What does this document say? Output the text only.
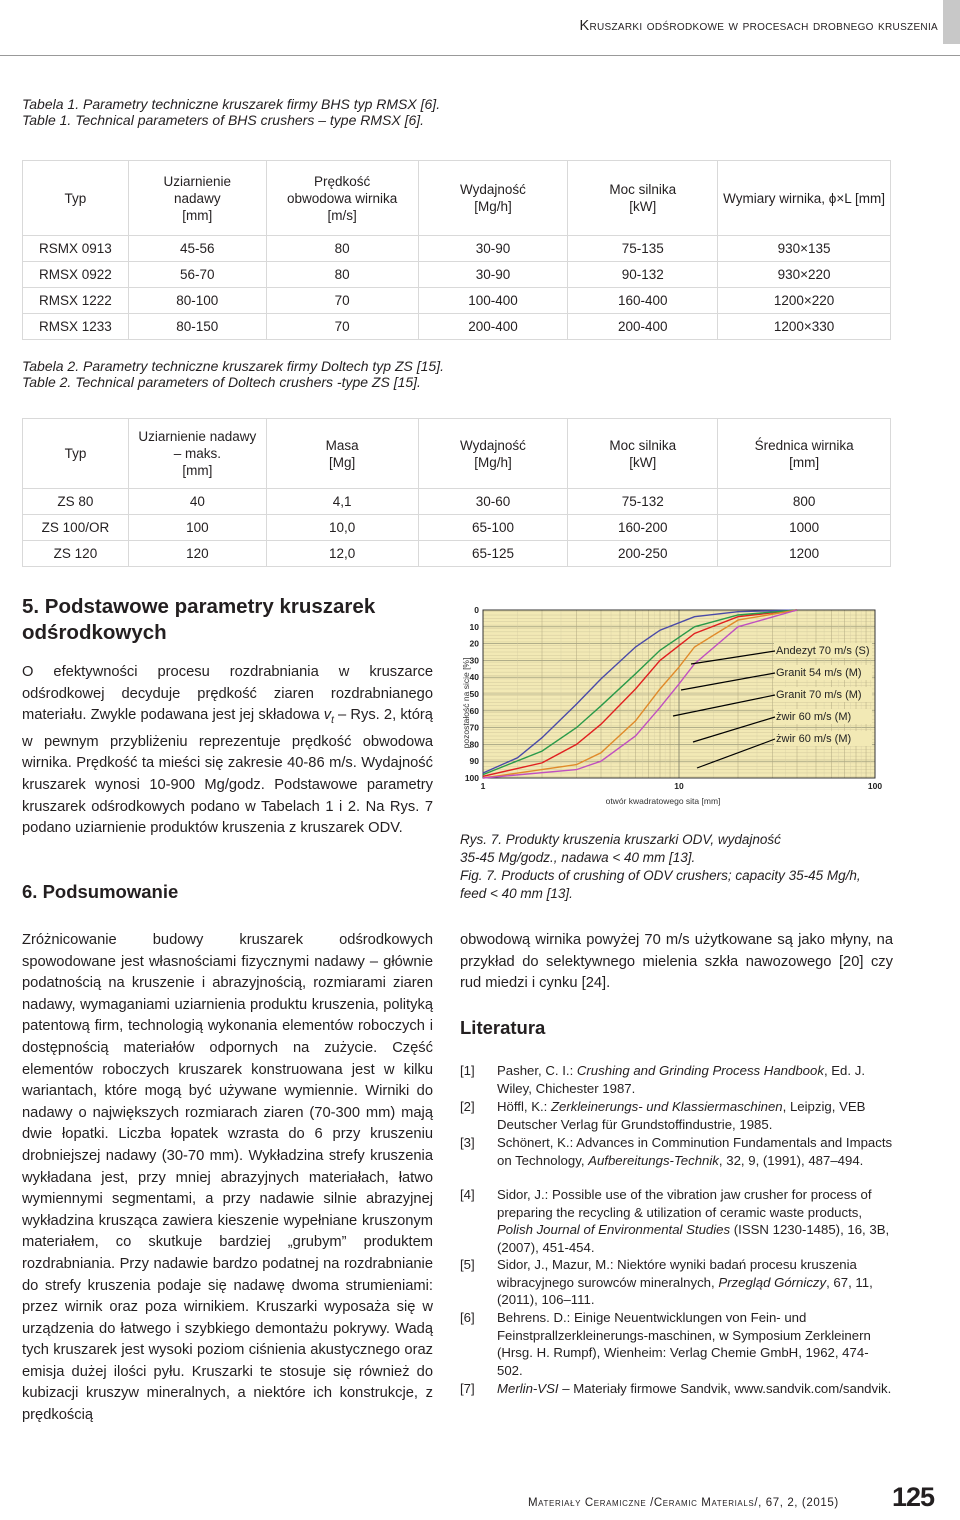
Kruszarki odśrodkowe w procesach drobnego kruszenia
Tabela 1. Parametry techniczne kruszarek firmy BHS typ RMSX [6].
Table 1. Technical parameters of BHS crushers – type RMSX [6].
Typ	Uziarnienie
nadawy
[mm]	Prędkość
obwodowa wirnika
[m/s]	Wydajność
[Mg/h]	Moc silnika
[kW]	Wymiary wirnika, ϕ×L [mm]

RSMX 0913	45-56	80	30-90	75-135	930×135
RMSX 0922	56-70	80	30-90	90-132	930×220
RMSX 1222	80-100	70	100-400	160-400	1200×220
RMSX 1233	80-150	70	200-400	200-400	1200×330
Tabela 2. Parametry techniczne kruszarek firmy Doltech typ ZS [15].
Table 2. Technical parameters of Doltech crushers -type ZS [15].
Typ	Uziarnienie nadawy
– maks.
[mm]	Masa
[Mg]	Wydajność
[Mg/h]	Moc silnika
[kW]	Średnica wirnika
[mm]

ZS 80	40	4,1	30-60	75-132	800
ZS 100/OR	100	10,0	65-100	160-200	1000
ZS 120	120	12,0	65-125	200-250	1200
5. Podstawowe parametry kruszarek odśrodkowych
O efektywności procesu rozdrabniania w kruszarce odśrodkowej decyduje prędkość ziaren rozdrabnianego materiału. Zwykle podawana jest jej składowa $v_t$ – Rys. 2, którą w pewnym przybliżeniu reprezentuje prędkość obwodowa wirnika. Prędkość ta mieści się zakresie 40-86 m/s. Wydajność kruszarek wynosi 10-900 Mg/godz. Podstawowe parametry kruszarek odśrodkowych podano w Tabelach 1 i 2. Na Rys. 7 podano uziarnienie produktów kruszenia z kruszarek ODV.
6. Podsumowanie
Zróżnicowanie budowy kruszarek odśrodkowych spowodowane jest własnościami fizycznymi nadawy – głównie podatnością na kruszenie i abrazyjnością, rozmiarami ziaren nadawy, wymaganiami uziarnienia produktu kruszenia, polityką patentową firm, technologią wykonania elementów roboczych i dostępnością materiałów odpornych na zużycie. Część elementów roboczych kruszarek konstruowana jest w kilku wariantach, które mogą być używane wymiennie. Wirniki do nadawy o największych rozmiarach ziaren (70-300 mm) mają dwie łopatki. Liczba łopatek wzrasta do 6 przy kruszeniu drobniejszej nadawy (30-70 mm). Wykładzina strefy kruszenia wykładana jest, przy mniej abrazyjnych materiałach, łatwo wymiennymi segmentami, a przy nadawie silnie abrazyjnej wykładzina krusząca zawiera kieszenie wypełniane kruszonym materiałem, co skutkuje bardziej „grubym” produktem rozdrabniania. Przy nadawie bardzo podatnej na rozdrabnianie do strefy kruszenia podaje się nadawę dwoma strumieniami: przez wirnik oraz poza wirnikiem. Kruszarki wyposaża się w urządzenia do łatwego i szybkiego demontażu pokrywy. Wadą tych kruszarek jest wysoki poziom ciśnienia akustycznego oraz emisja dużej ilości pyłu. Kruszarki te stosuje się również do kubizacji kruszyw mineralnych, a niektóre ich konstrukcje, z prędkością
obwodową wirnika powyżej 70 m/s użytkowane są jako młyny, na przykład do selektywnego mielenia szkła nawozowego [20] czy rud miedzi i cynku [24].
0
10
20
30
40
50
60
70
80
90
100
1	10	100
Andezyt 70 m/s (S)
Granit 54 m/s (M)
Granit 70 m/s (M)
żwir 60 m/s (M)
żwir 60 m/s (M)
pozostałość na sicie [%]
otwór kwadratowego sita [mm]
Rys. 7. Produkty kruszenia kruszarki ODV, wydajność
35-45 Mg/godz., nadawa < 40 mm [13].
Fig. 7. Products of crushing of ODV crushers; capacity 35-45 Mg/h,
feed < 40 mm [13].
Literatura
[1] Pasher, C. I.: Crushing and Grinding Process Handbook, Ed. J. Wiley, Chichester 1987.
[2] Höffl, K.: Zerkleinerungs- und Klassiermaschinen, Leipzig, VEB Deutscher Verlag für Grundstoffindustrie, 1985.
[3] Schönert, K.: Advances in Comminution Fundamentals and Impacts on Technology, Aufbereitungs-Technik, 32, 9, (1991), 487–494.
[4] Sidor, J.: Possible use of the vibration jaw crusher for process of preparing the recycling & utilization of ceramic waste products, Polish Journal of Environmental Studies (ISSN 1230-1485), 16, 3B, (2007), 451-454.
[5] Sidor, J., Mazur, M.: Niektóre wyniki badań procesu kruszenia wibracyjnego surowców mineralnych, Przegląd Górniczy, 67, 11, (2011), 106–111.
[6] Behrens. D.: Einige Neuentwicklungen von Fein- und Feinstprallzerkleinerungs-maschinen, w Symposium Zerkleinern (Hrsg. H. Rumpf), Wienheim: Verlag Chemie GmbH, 1962, 474-502.
[7] Merlin-VSI – Materiały firmowe Sandvik, www.sandvik.com/sandvik.
Materiały Ceramiczne /Ceramic Materials/, 67, 2, (2015) 125
